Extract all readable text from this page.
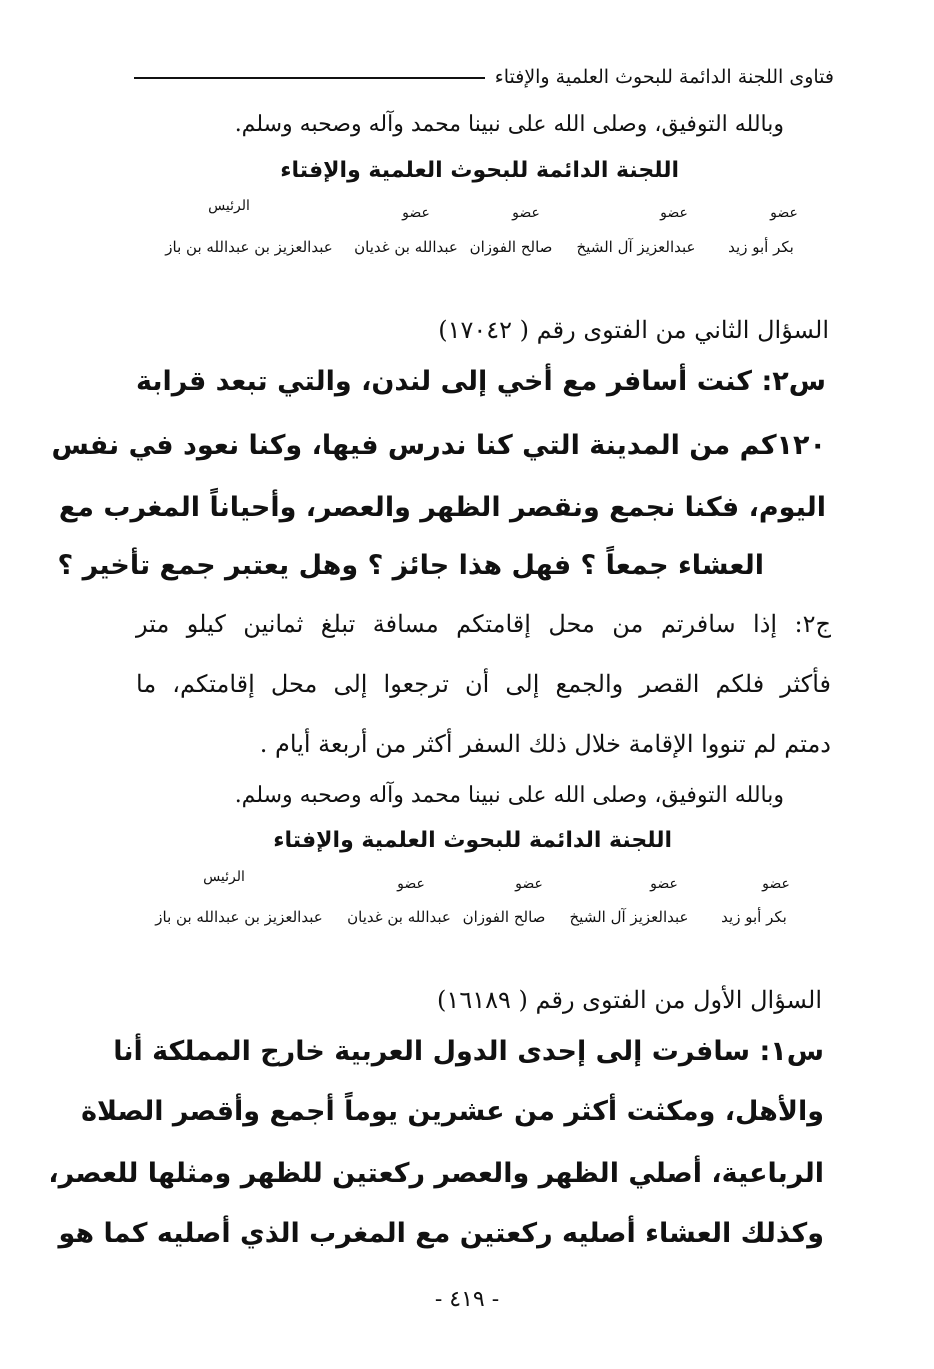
فتاوى اللجنة الدائمة للبحوث العلمية والإفتاء
وبالله التوفيق، وصلى الله على نبينا محمد وآله وصحبه وسلم.
اللجنة الدائمة للبحوث العلمية والإفتاء
عضو
عضو
عضو
عضو
الرئيس
بكر أبو زيد
عبدالعزيز آل الشيخ
صالح الفوزان
عبدالله بن غديان
عبدالعزيز بن عبدالله بن باز
السؤال الثاني من الفتوى رقم ( ١٧٠٤٢)
س٢: كنت أسافر مع أخي إلى لندن، والتي تبعد قرابة
١٢٠كم من المدينة التي كنا ندرس فيها، وكنا نعود في نفس
اليوم، فكنا نجمع ونقصر الظهر والعصر، وأحياناً المغرب مع
العشاء جمعاً ؟ فهل هذا جائز ؟ وهل يعتبر جمع تأخير ؟
ج٢: إذا سافرتم من محل إقامتكم مسافة تبلغ ثمانين كيلو متر
فأكثر فلكم القصر والجمع إلى أن ترجعوا إلى محل إقامتكم، ما
دمتم لم تنووا الإقامة خلال ذلك السفر أكثر من أربعة أيام .
وبالله التوفيق، وصلى الله على نبينا محمد وآله وصحبه وسلم.
اللجنة الدائمة للبحوث العلمية والإفتاء
عضو
عضو
عضو
عضو
الرئيس
بكر أبو زيد
عبدالعزيز آل الشيخ
صالح الفوزان
عبدالله بن غديان
عبدالعزيز بن عبدالله بن باز
السؤال الأول من الفتوى رقم ( ١٦١٨٩)
س١: سافرت إلى إحدى الدول العربية خارج المملكة أنا
والأهل، ومكثت أكثر من عشرين يوماً أجمع وأقصر الصلاة
الرباعية، أصلي الظهر والعصر ركعتين للظهر ومثلها للعصر،
وكذلك العشاء أصليه ركعتين مع المغرب الذي أصليه كما هو
- ٤١٩ -
